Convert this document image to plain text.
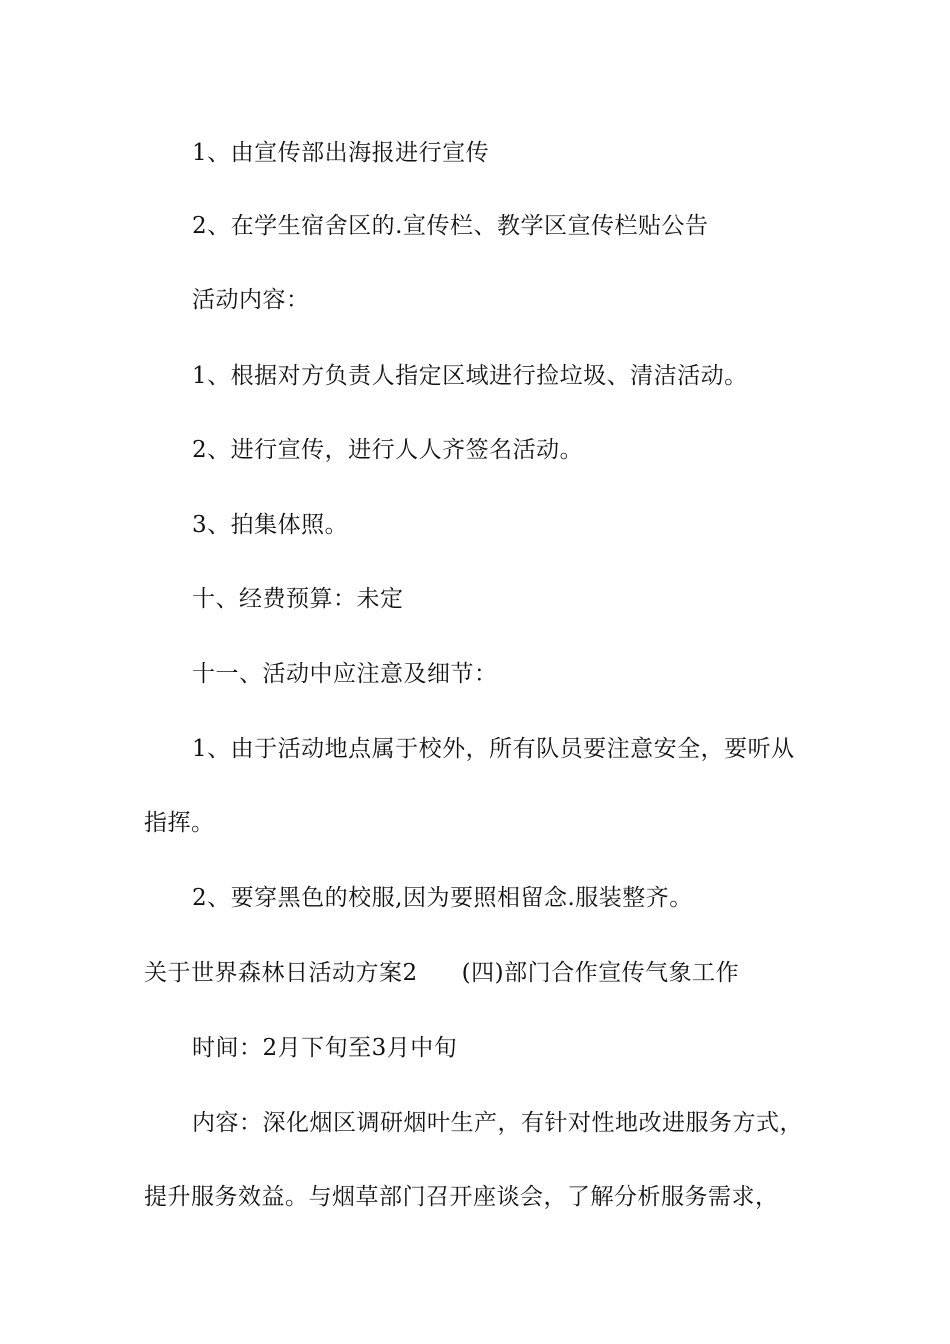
1、由宣传部出海报进行宣传
2、在学生宿舍区的.宣传栏、教学区宣传栏贴公告
活动内容：
1、根据对方负责人指定区域进行捡垃圾、清洁活动。
2、进行宣传，进行人人齐签名活动。
3、拍集体照。
十、经费预算：未定
十一、活动中应注意及细节：
1、由于活动地点属于校外，所有队员要注意安全，要听从
指挥。
2、要穿黑色的校服,因为要照相留念.服装整齐。
关于世界森林日活动方案2 (四)部门合作宣传气象工作
时间：2月下旬至3月中旬
内容：深化烟区调研烟叶生产，有针对性地改进服务方式，
提升服务效益。与烟草部门召开座谈会，了解分析服务需求，
